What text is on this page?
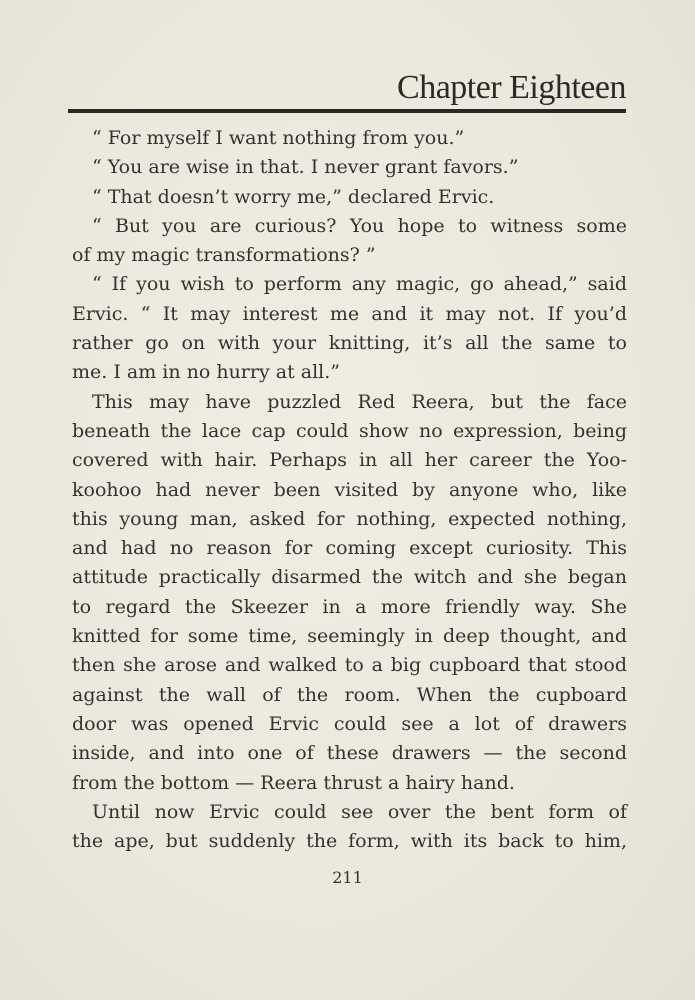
Chapter Eighteen
“ For myself I want nothing from you.”
“ You are wise in that. I never grant favors.”
“ That doesn’t worry me,” declared Ervic.
“ But you are curious? You hope to witness some
of my magic transformations? ”
“ If you wish to perform any magic, go ahead,” said
Ervic. “ It may interest me and it may not. If you’d
rather go on with your knitting, it’s all the same to
me. I am in no hurry at all.”
This may have puzzled Red Reera, but the face
beneath the lace cap could show no expression, being
covered with hair. Perhaps in all her career the Yoo-
koohoo had never been visited by anyone who, like
this young man, asked for nothing, expected nothing,
and had no reason for coming except curiosity. This
attitude practically disarmed the witch and she began
to regard the Skeezer in a more friendly way. She
knitted for some time, seemingly in deep thought, and
then she arose and walked to a big cupboard that stood
against the wall of the room. When the cupboard
door was opened Ervic could see a lot of drawers
inside, and into one of these drawers — the second
from the bottom — Reera thrust a hairy hand.
Until now Ervic could see over the bent form of
the ape, but suddenly the form, with its back to him,

211
